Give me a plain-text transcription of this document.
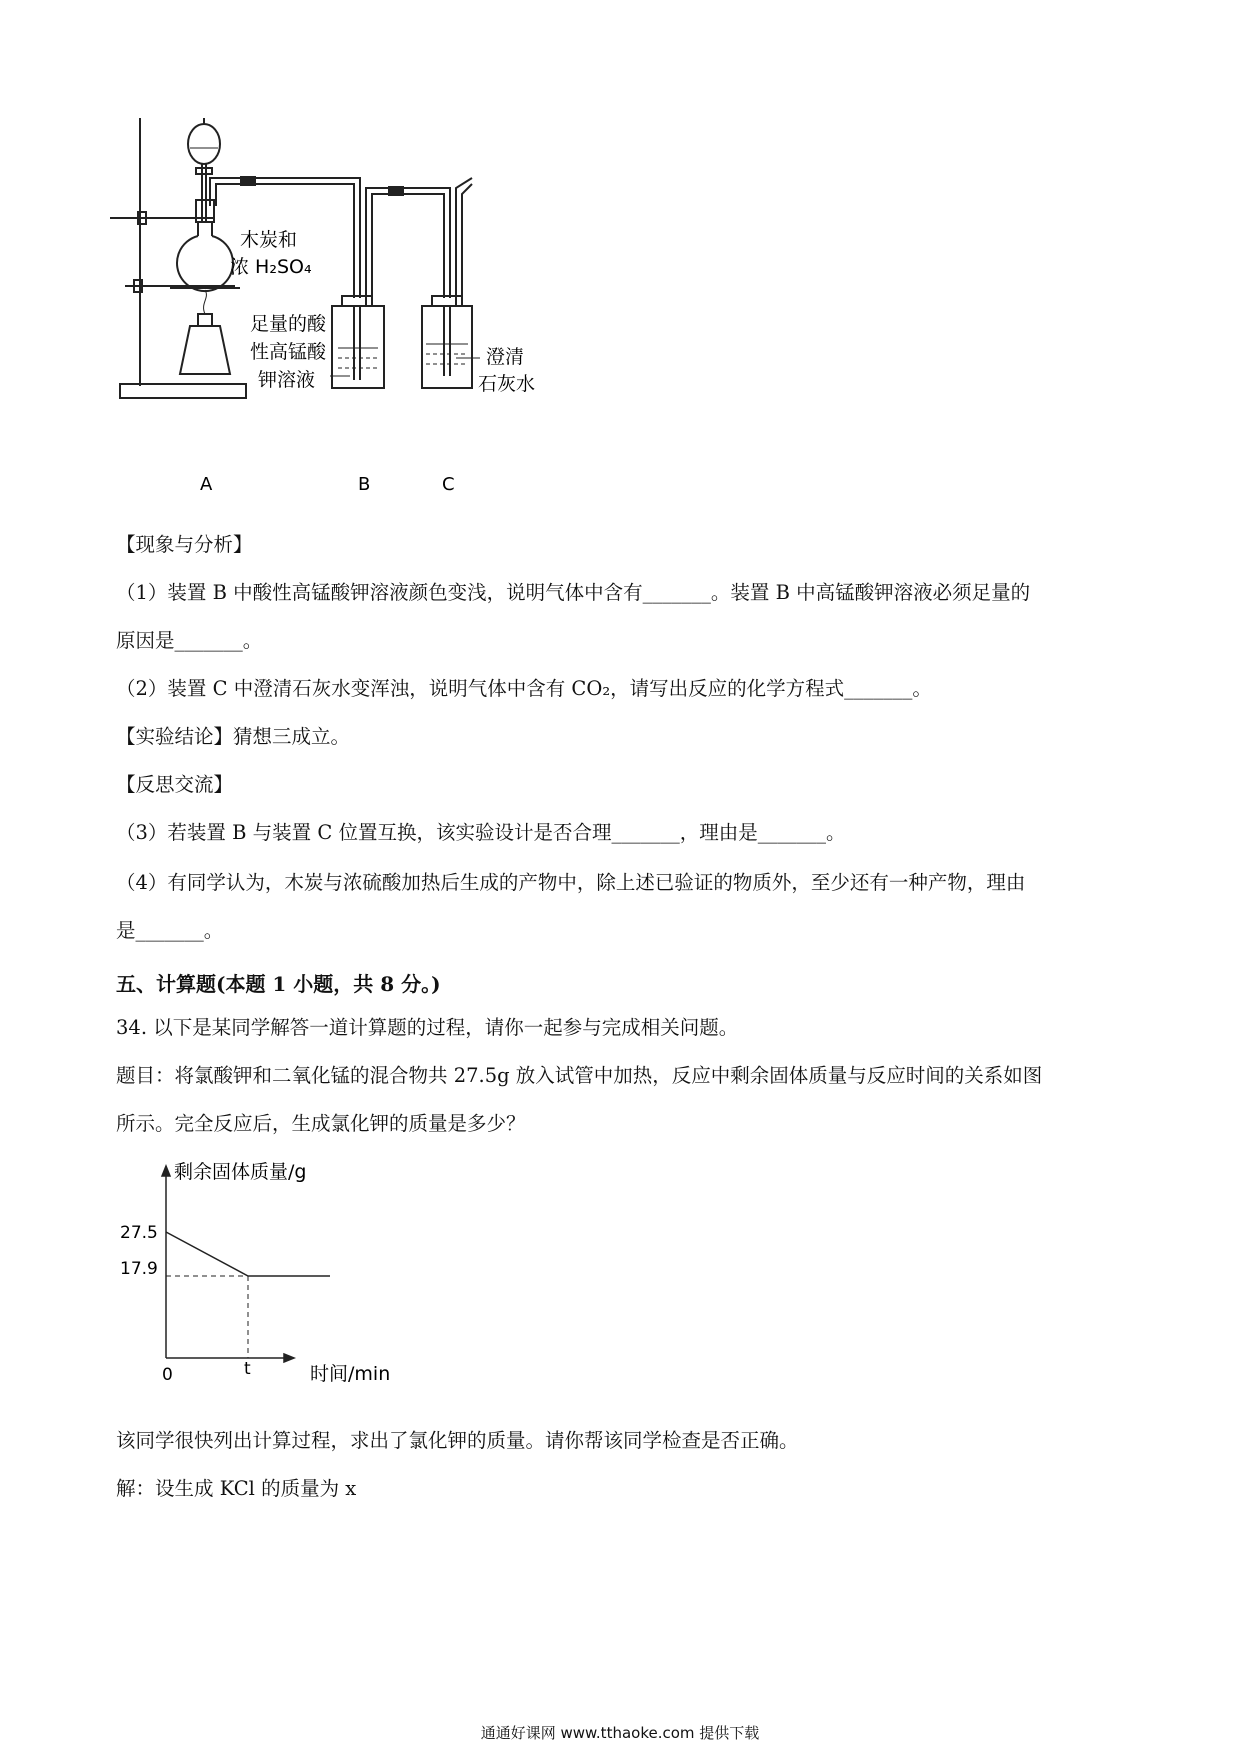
木炭和
浓 H₂SO₄
足量的酸
性高锰酸
钾溶液
澄清
石灰水
A	B	C
【现象与分析】
（1）装置 B 中酸性高锰酸钾溶液颜色变浅，说明气体中含有_______。装置 B 中高锰酸钾溶液必须足量的
原因是_______。
（2）装置 C 中澄清石灰水变浑浊，说明气体中含有 CO₂，请写出反应的化学方程式_______。
【实验结论】猜想三成立。
【反思交流】
（3）若装置 B 与装置 C 位置互换，该实验设计是否合理_______，理由是_______。
（4）有同学认为，木炭与浓硫酸加热后生成的产物中，除上述已验证的物质外，至少还有一种产物，理由
是_______。
五、计算题(本题 1 小题，共 8 分。)
34. 以下是某同学解答一道计算题的过程，请你一起参与完成相关问题。
题目：将氯酸钾和二氧化锰的混合物共 27.5g 放入试管中加热，反应中剩余固体质量与反应时间的关系如图
所示。完全反应后，生成氯化钾的质量是多少？
剩余固体质量/g
时间/min
0	t
27.5
17.9
该同学很快列出计算过程，求出了氯化钾的质量。请你帮该同学检查是否正确。
解：设生成 KCl 的质量为 x
通通好课网 www.tthaoke.com 提供下载
